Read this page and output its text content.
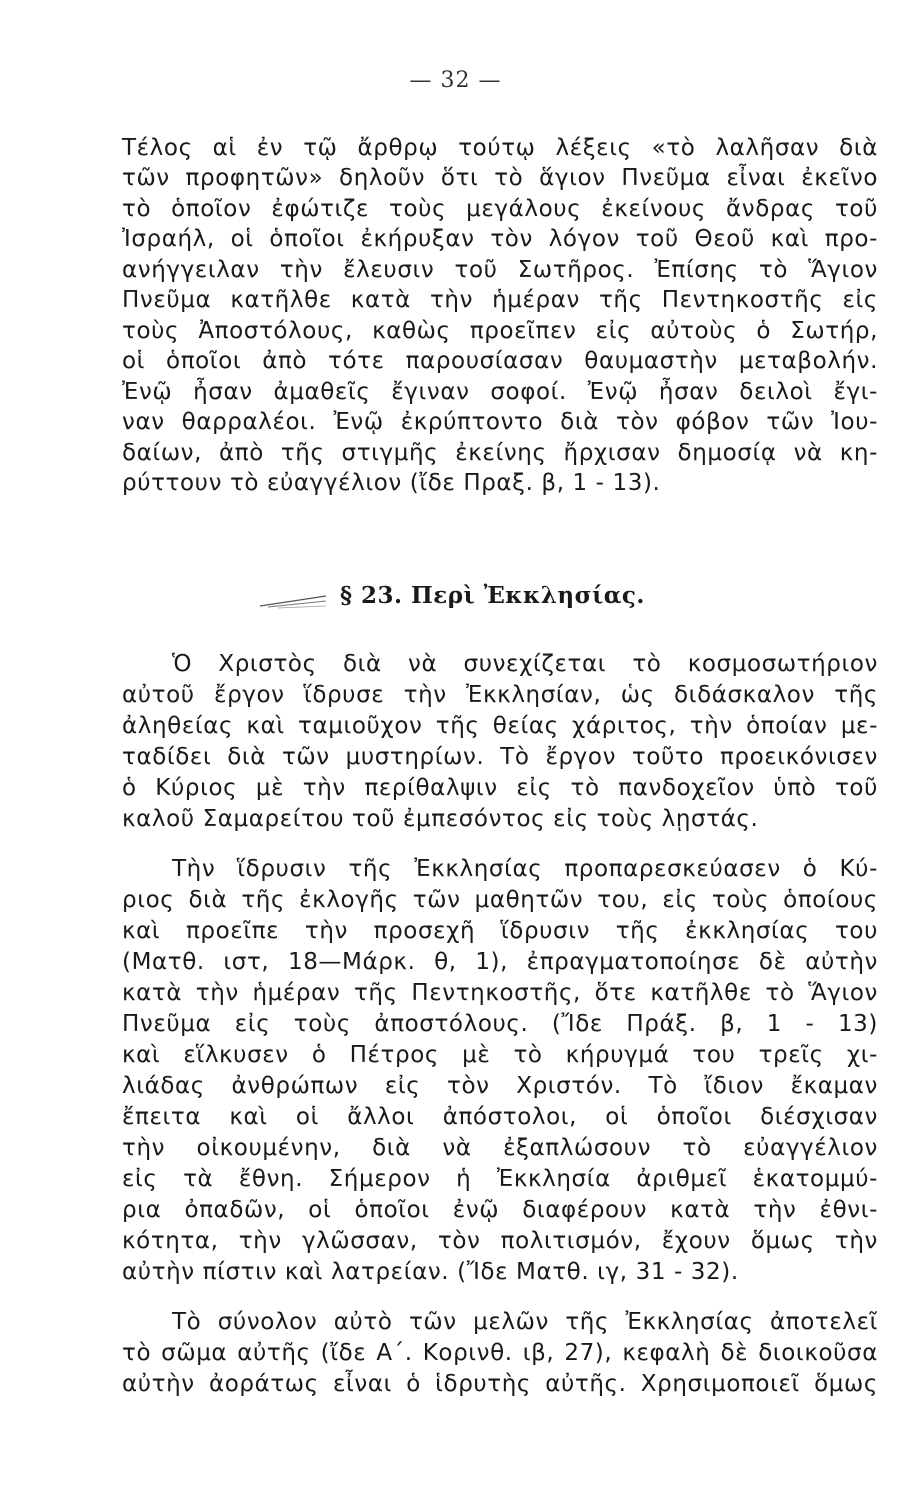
— 32 —
Τέλος αἱ ἐν τῷ ἄρθρῳ τούτῳ λέξεις «τὸ λαλῆσαν διὰ
τῶν προφητῶν» δηλοῦν ὅτι τὸ ἅγιον Πνεῦμα εἶναι ἐκεῖνο
τὸ ὁποῖον ἐφώτιζε τοὺς μεγάλους ἐκείνους ἄνδρας τοῦ
Ἰσραήλ, οἱ ὁποῖοι ἐκήρυξαν τὸν λόγον τοῦ Θεοῦ καὶ προ-
ανήγγειλαν τὴν ἔλευσιν τοῦ Σωτῆρος. Ἐπίσης τὸ Ἅγιον
Πνεῦμα κατῆλθε κατὰ τὴν ἡμέραν τῆς Πεντηκοστῆς εἰς
τοὺς Ἀποστόλους, καθὼς προεῖπεν εἰς αὐτοὺς ὁ Σωτήρ,
οἱ ὁποῖοι ἀπὸ τότε παρουσίασαν θαυμαστὴν μεταβολήν.
Ἐνῷ ἦσαν ἀμαθεῖς ἔγιναν σοφοί. Ἐνῷ ἦσαν δειλοὶ ἔγι-
ναν θαρραλέοι. Ἐνῷ ἐκρύπτοντο διὰ τὸν φόβον τῶν Ἰου-
δαίων, ἀπὸ τῆς στιγμῆς ἐκείνης ἤρχισαν δημοσίᾳ νὰ κη-
ρύττουν τὸ εὐαγγέλιον (ἴδε Πραξ. β, 1 - 13).
§ 23. Περὶ Ἐκκλησίας.
Ὁ Χριστὸς διὰ νὰ συνεχίζεται τὸ κοσμοσωτήριον
αὐτοῦ ἔργον ἵδρυσε τὴν Ἐκκλησίαν, ὡς διδάσκαλον τῆς
ἀληθείας καὶ ταμιοῦχον τῆς θείας χάριτος, τὴν ὁποίαν με-
ταδίδει διὰ τῶν μυστηρίων. Τὸ ἔργον τοῦτο προεικόνισεν
ὁ Κύριος μὲ τὴν περίθαλψιν εἰς τὸ πανδοχεῖον ὑπὸ τοῦ
καλοῦ Σαμαρείτου τοῦ ἐμπεσόντος εἰς τοὺς λῃστάς.
Τὴν ἵδρυσιν τῆς Ἐκκλησίας προπαρεσκεύασεν ὁ Κύ-
ριος διὰ τῆς ἐκλογῆς τῶν μαθητῶν του, εἰς τοὺς ὁποίους
καὶ προεῖπε τὴν προσεχῆ ἵδρυσιν τῆς ἐκκλησίας του
(Ματθ. ιστ, 18—Μάρκ. θ, 1), ἐπραγματοποίησε δὲ αὐτὴν
κατὰ τὴν ἡμέραν τῆς Πεντηκοστῆς, ὅτε κατῆλθε τὸ Ἅγιον
Πνεῦμα εἰς τοὺς ἀποστόλους. (Ἴδε Πράξ. β, 1 - 13)
καὶ εἵλκυσεν ὁ Πέτρος μὲ τὸ κήρυγμά του τρεῖς χι-
λιάδας ἀνθρώπων εἰς τὸν Χριστόν. Τὸ ἴδιον ἔκαμαν
ἔπειτα καὶ οἱ ἄλλοι ἀπόστολοι, οἱ ὁποῖοι διέσχισαν
τὴν οἰκουμένην, διὰ νὰ ἐξαπλώσουν τὸ εὐαγγέλιον
εἰς τὰ ἔθνη. Σήμερον ἡ Ἐκκλησία ἀριθμεῖ ἑκατομμύ-
ρια ὀπαδῶν, οἱ ὁποῖοι ἐνῷ διαφέρουν κατὰ τὴν ἐθνι-
κότητα, τὴν γλῶσσαν, τὸν πολιτισμόν, ἔχουν ὅμως τὴν
αὐτὴν πίστιν καὶ λατρείαν. (Ἴδε Ματθ. ιγ, 31 - 32).
Τὸ σύνολον αὐτὸ τῶν μελῶν τῆς Ἐκκλησίας ἀποτελεῖ
τὸ σῶμα αὐτῆς (ἴδε Α΄. Κορινθ. ιβ, 27), κεφαλὴ δὲ διοικοῦσα
αὐτὴν ἀοράτως εἶναι ὁ ἱδρυτὴς αὐτῆς. Χρησιμοποιεῖ ὅμως
